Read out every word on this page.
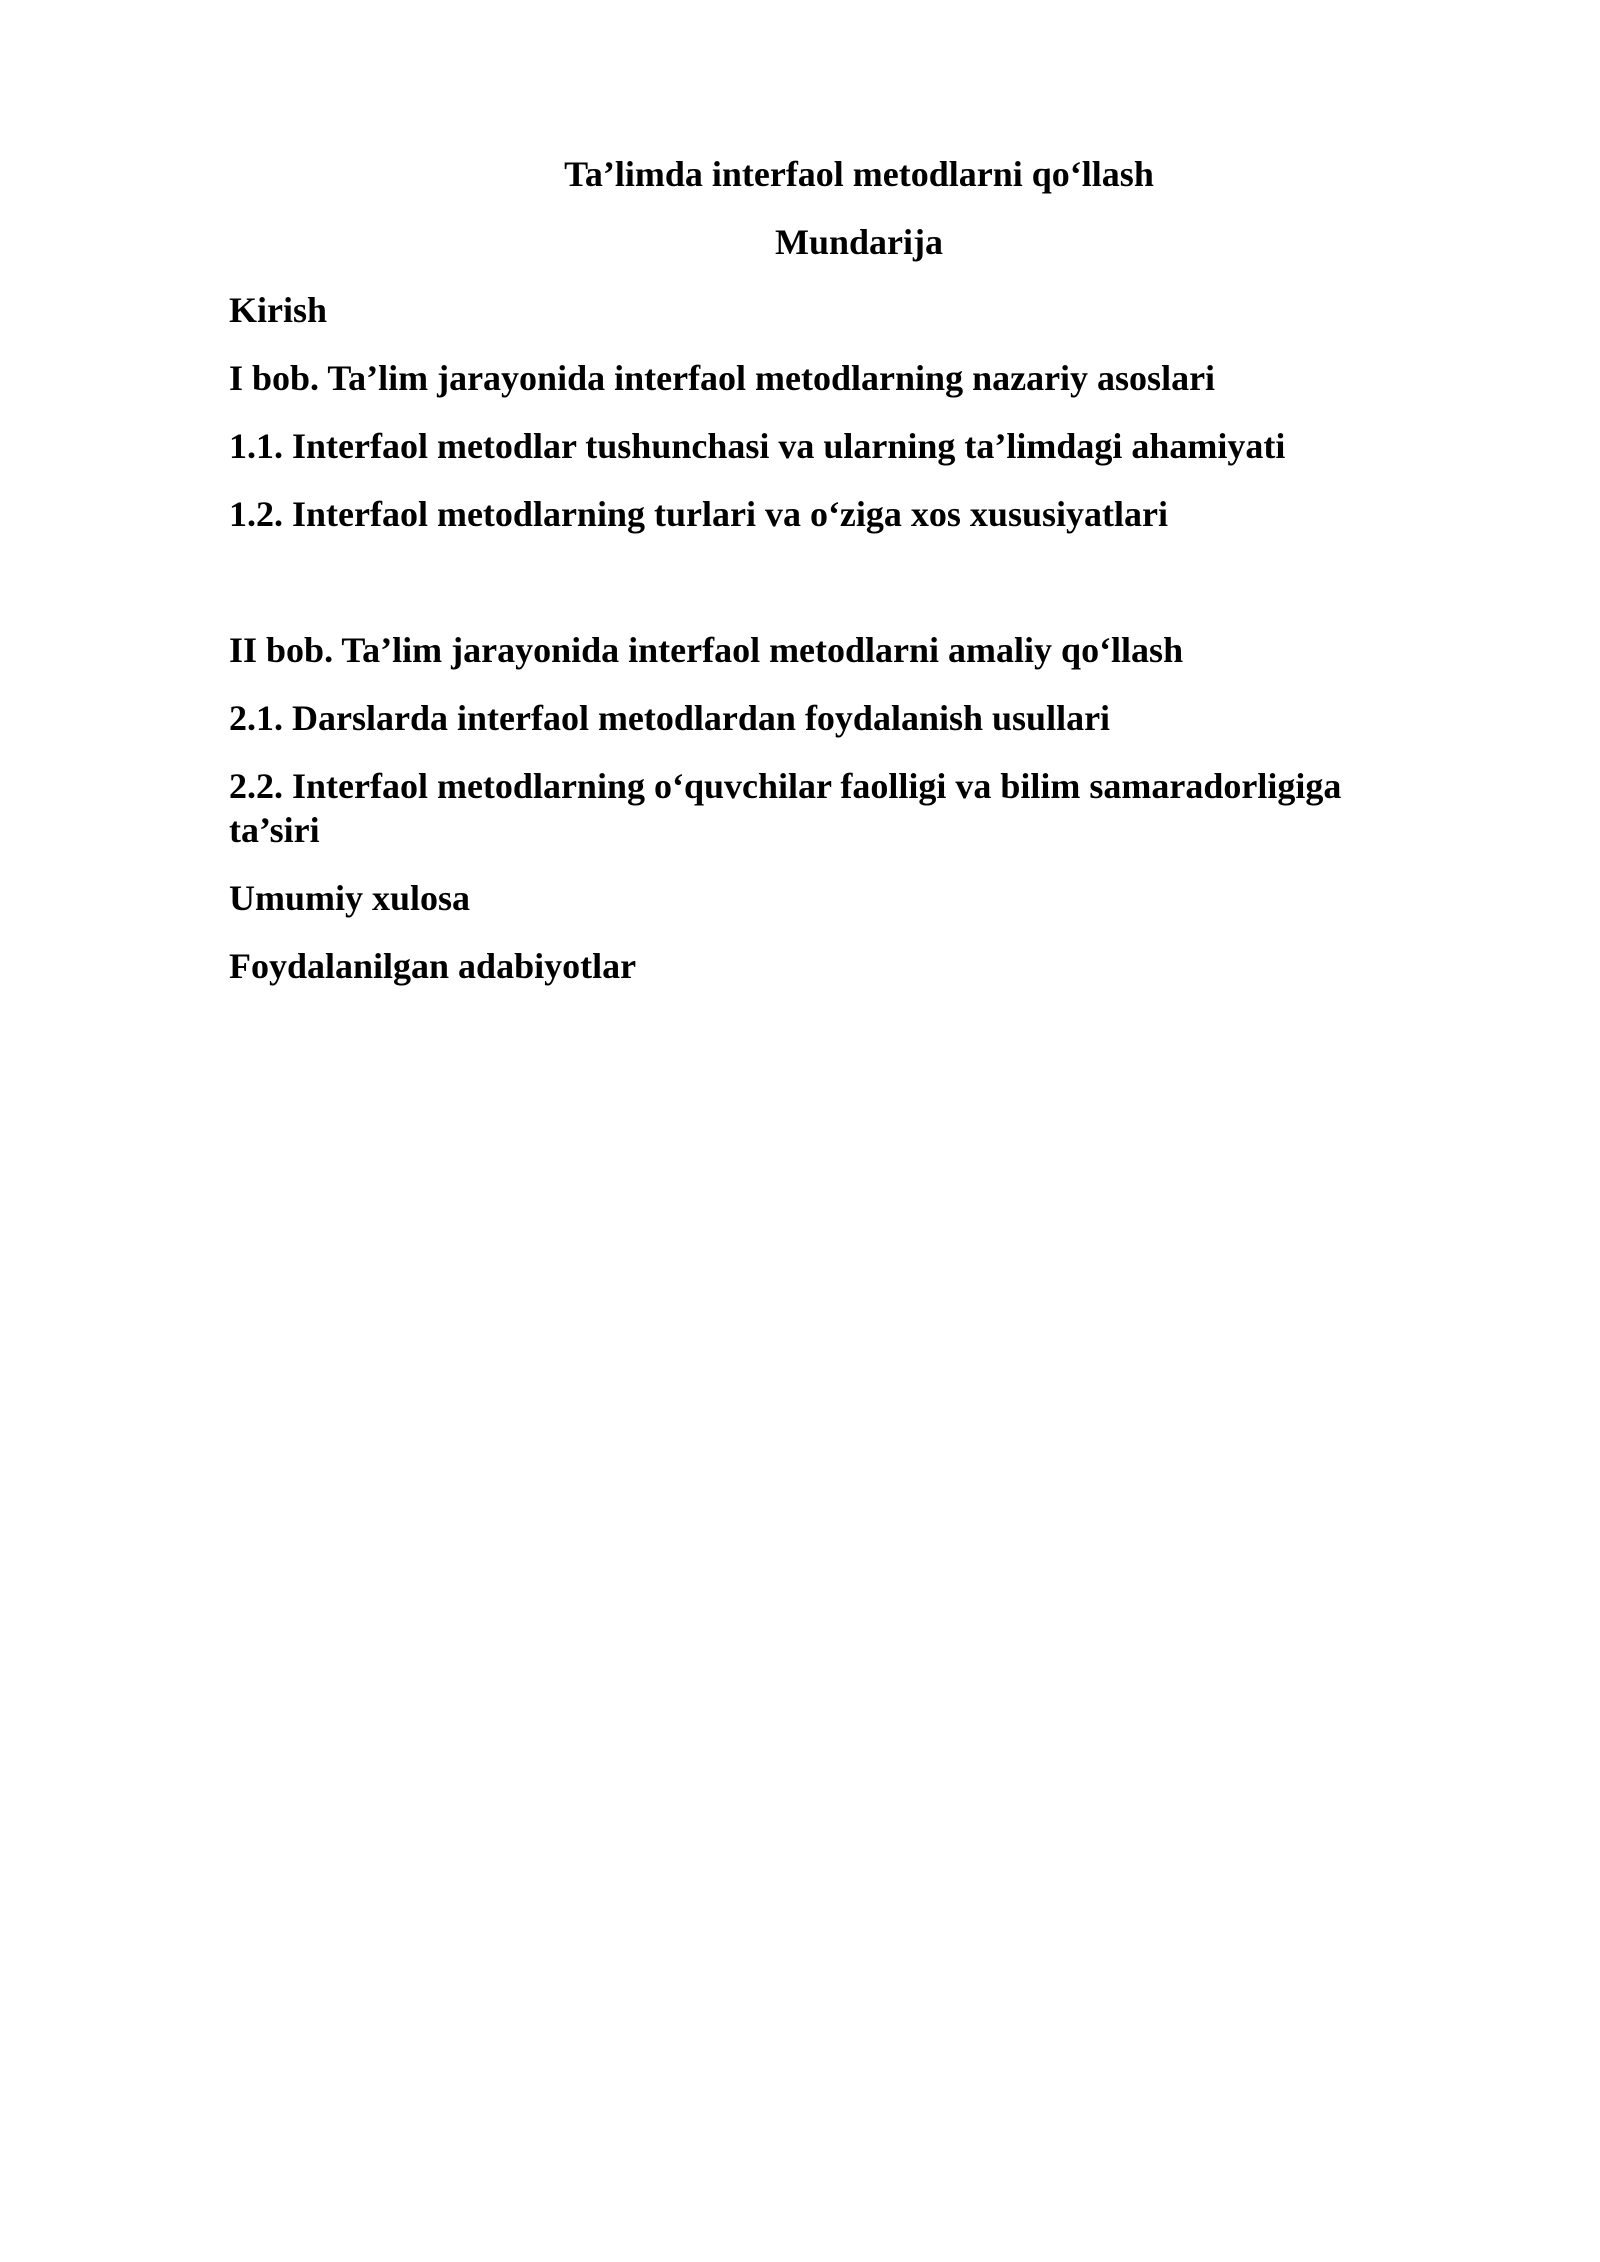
Ta’limda interfaol metodlarni qo‘llash
Mundarija
Kirish
I bob. Ta’lim jarayonida interfaol metodlarning nazariy asoslari
1.1. Interfaol metodlar tushunchasi va ularning ta’limdagi ahamiyati
1.2. Interfaol metodlarning turlari va o‘ziga xos xususiyatlari
II bob. Ta’lim jarayonida interfaol metodlarni amaliy qo‘llash
2.1. Darslarda interfaol metodlardan foydalanish usullari
2.2. Interfaol metodlarning o‘quvchilar faolligi va bilim samaradorligiga ta’siri
Umumiy xulosa
Foydalanilgan adabiyotlar
